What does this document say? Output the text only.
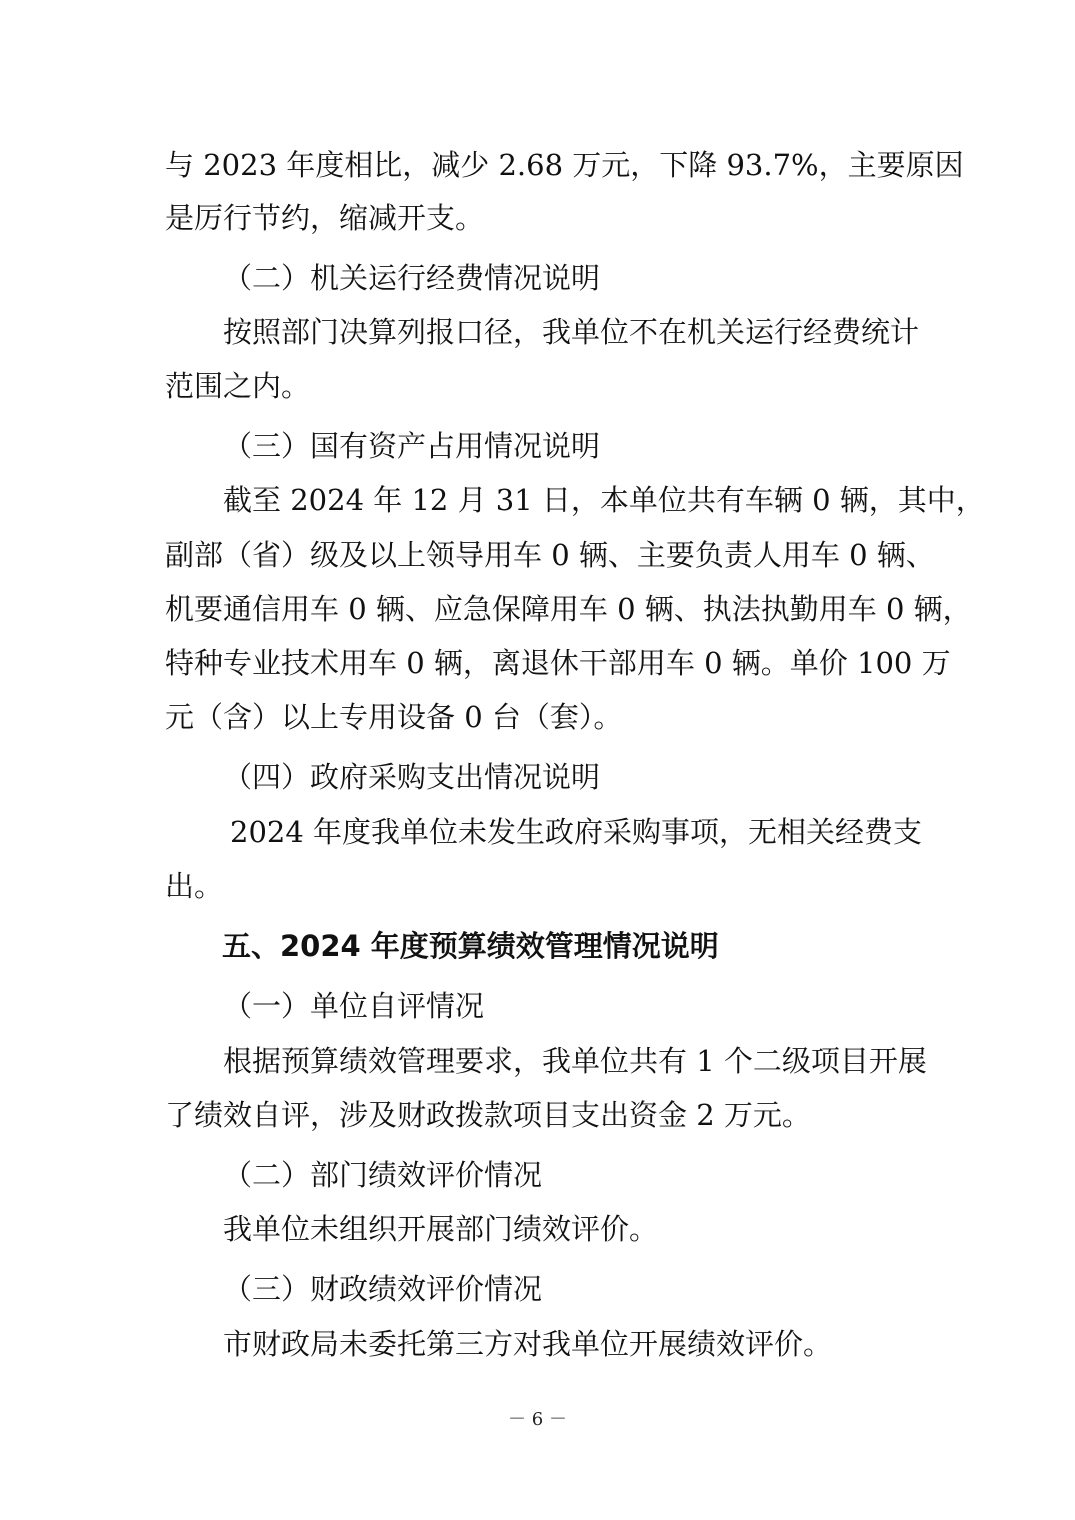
与 2023 年度相比，减少 2.68 万元，下降 93.7%，主要原因
是厉行节约，缩减开支。
（二）机关运行经费情况说明
按照部门决算列报口径，我单位不在机关运行经费统计
范围之内。
（三）国有资产占用情况说明
截至 2024 年 12 月 31 日，本单位共有车辆 0 辆，其中，
副部（省）级及以上领导用车 0 辆、主要负责人用车 0 辆、
机要通信用车 0 辆、应急保障用车 0 辆、执法执勤用车 0 辆，
特种专业技术用车 0 辆，离退休干部用车 0 辆。单价 100 万
元（含）以上专用设备 0 台（套）。
（四）政府采购支出情况说明
2024 年度我单位未发生政府采购事项，无相关经费支
出。
五、2024 年度预算绩效管理情况说明
（一）单位自评情况
根据预算绩效管理要求，我单位共有 1 个二级项目开展
了绩效自评，涉及财政拨款项目支出资金 2 万元。
（二）部门绩效评价情况
我单位未组织开展部门绩效评价。
（三）财政绩效评价情况
市财政局未委托第三方对我单位开展绩效评价。
－ 6 －
